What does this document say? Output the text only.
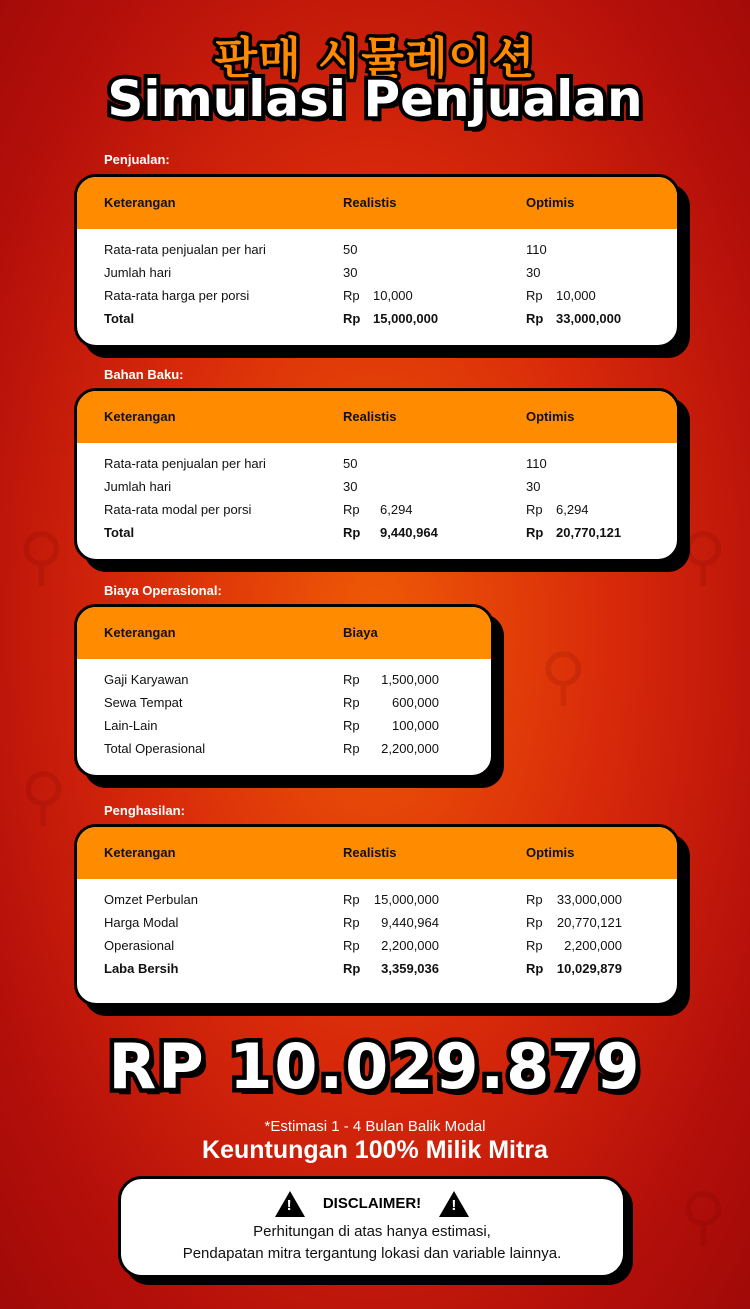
⚲	⚲
⚲
⚲
⚲
판매 시뮬레이션
Simulasi Penjualan
Penjualan:
Keterangan	Realistis	Optimis
Rata-rata penjualan per hari	50	110
Jumlah hari	30	30
Rata-rata harga per porsi	Rp 10,000	Rp 10,000
Total	Rp 15,000,000	Rp 33,000,000
Bahan Baku:
Keterangan	Realistis	Optimis
Rata-rata penjualan per hari	50	110
Jumlah hari	30	30
Rata-rata modal per porsi	Rp 6,294	Rp 6,294
Total	Rp 9,440,964	Rp 20,770,121
Biaya Operasional:
Keterangan	Biaya
Gaji Karyawan	Rp	1,500,000
Sewa Tempat	Rp	600,000
Lain-Lain	Rp	100,000
Total Operasional	Rp	2,200,000
Penghasilan:
Keterangan	Realistis	Optimis
Omzet Perbulan	Rp	15,000,000	Rp	33,000,000
Harga Modal	Rp	9,440,964	Rp	20,770,121
Operasional	Rp	2,200,000	Rp	2,200,000
Laba Bersih	Rp	3,359,036	Rp	10,029,879
RP 10.029.879
*Estimasi 1 - 4 Bulan Balik Modal
Keuntungan 100% Milik Mitra
! DISCLAIMER! !
Perhitungan di atas hanya estimasi,
Pendapatan mitra tergantung lokasi dan variable lainnya.
